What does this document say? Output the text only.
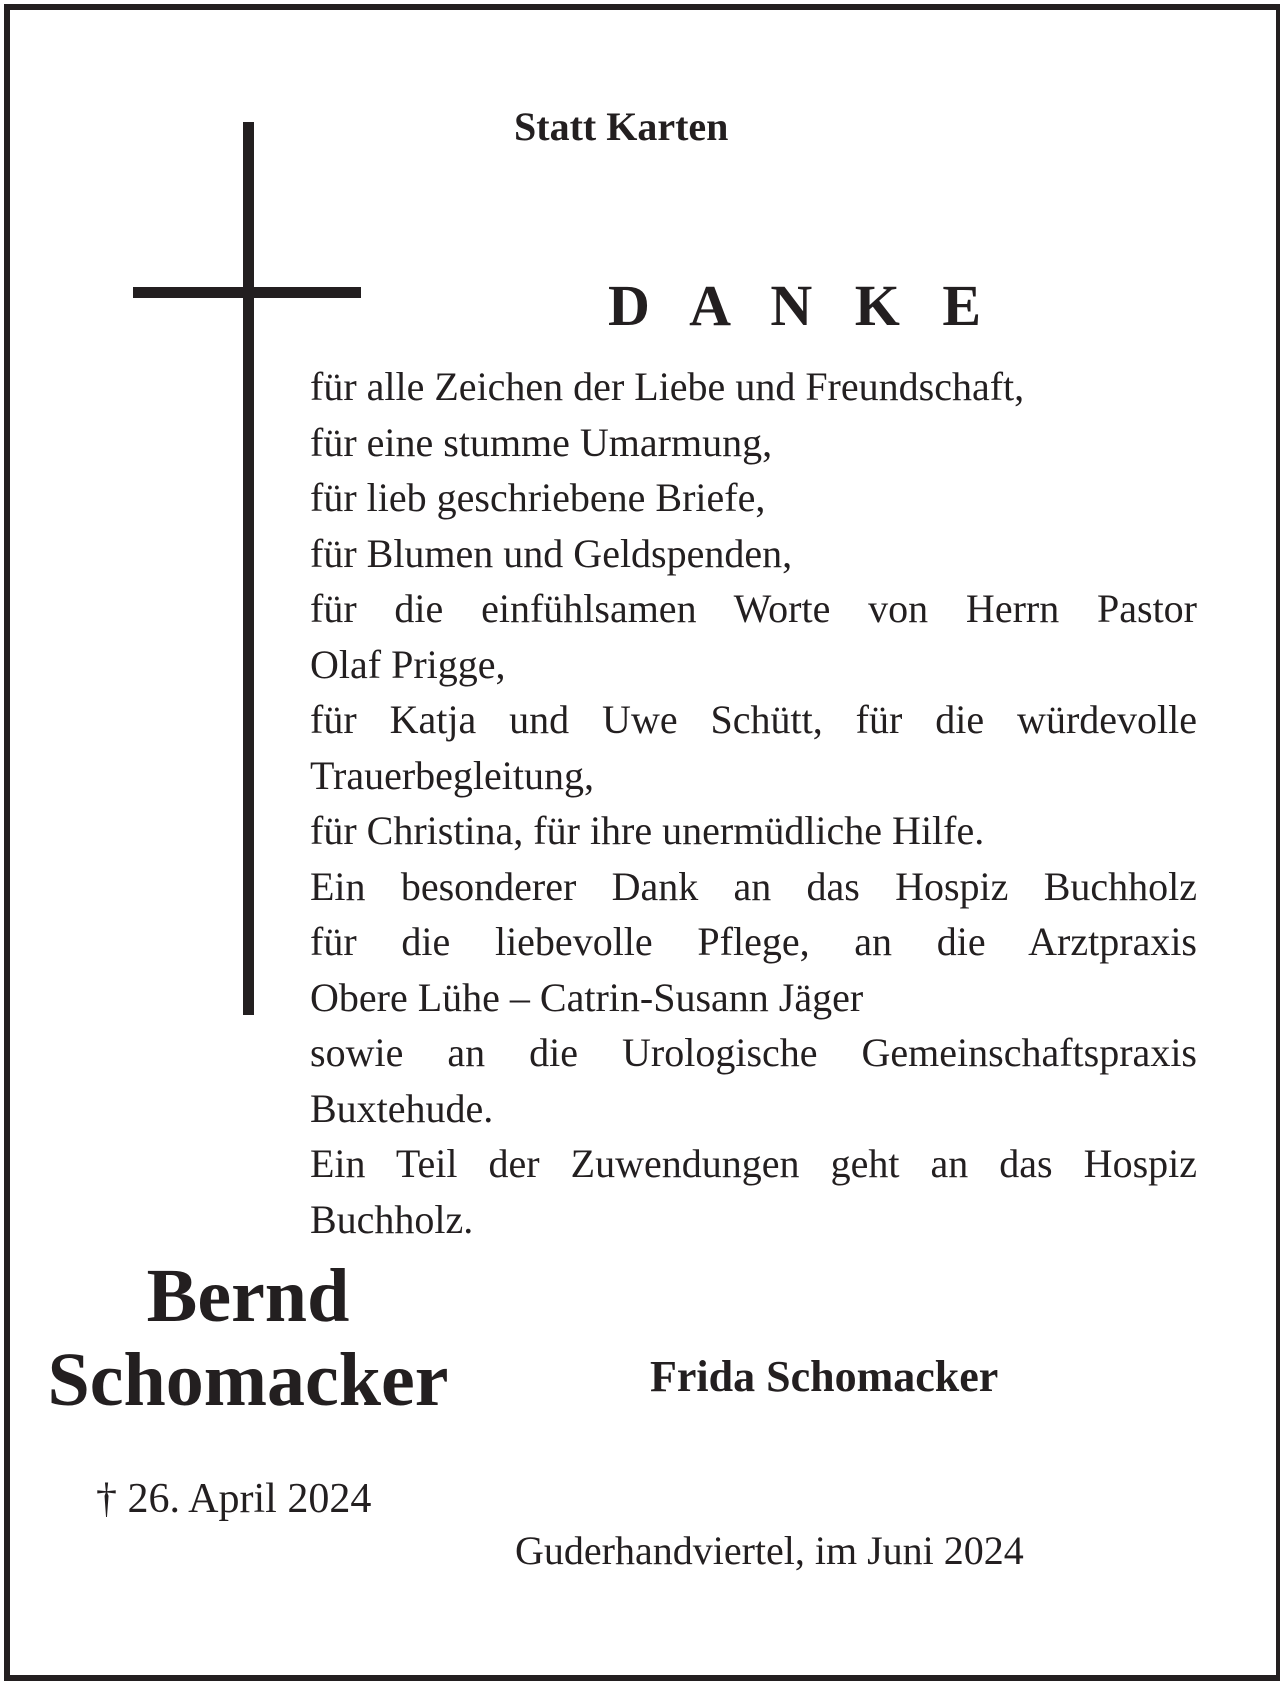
Statt Karten
D A N K E
für alle Zeichen der Liebe und Freundschaft,
für eine stumme Umarmung,
für lieb geschriebene Briefe,
für Blumen und Geldspenden,
für die einfühlsamen Worte von Herrn Pastor
Olaf Prigge,
für Katja und Uwe Schütt, für die würdevolle
Trauerbegleitung,
für Christina, für ihre unermüdliche Hilfe.
Ein besonderer Dank an das Hospiz Buchholz
für die liebevolle Pflege, an die Arztpraxis
Obere Lühe – Catrin-Susann Jäger
sowie an die Urologische Gemeinschaftspraxis
Buxtehude.
Ein Teil der Zuwendungen geht an das Hospiz
Buchholz.
Bernd
Schomacker
† 26. April 2024
Frida Schomacker
Guderhandviertel, im Juni 2024
